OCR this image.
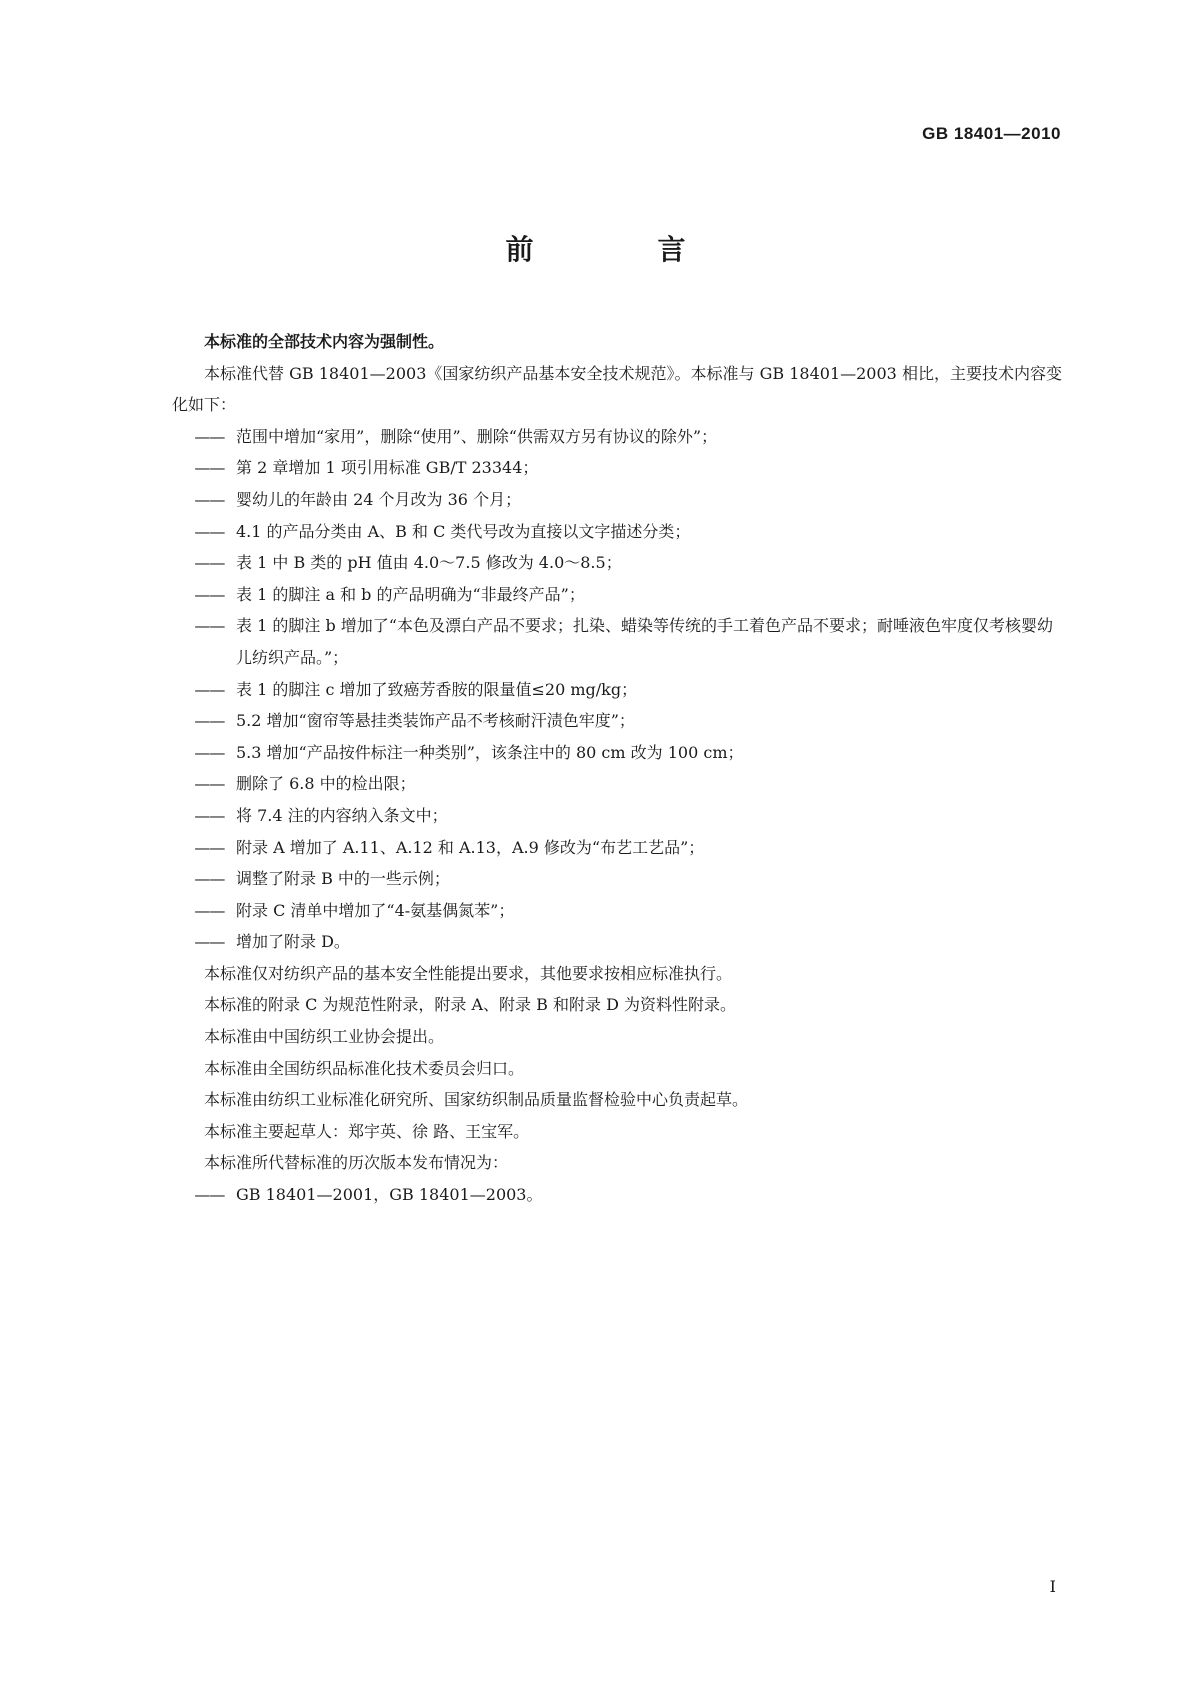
GB 18401—2010
前　言

本标准的全部技术内容为强制性。

本标准代替 GB 18401—2003《国家纺织产品基本安全技术规范》。本标准与 GB 18401—2003 相比，主要技术内容变化如下：

—— 范围中增加“家用”，删除“使用”、删除“供需双方另有协议的除外”；

—— 第 2 章增加 1 项引用标准 GB/T 23344；

—— 婴幼儿的年龄由 24 个月改为 36 个月；

—— 4.1 的产品分类由 A、B 和 C 类代号改为直接以文字描述分类；

—— 表 1 中 B 类的 pH 值由 4.0～7.5 修改为 4.0～8.5；

—— 表 1 的脚注 a 和 b 的产品明确为“非最终产品”；

—— 表 1 的脚注 b 增加了“本色及漂白产品不要求；扎染、蜡染等传统的手工着色产品不要求；耐唾液色牢度仅考核婴幼儿纺织产品。”；

—— 表 1 的脚注 c 增加了致癌芳香胺的限量值≤20 mg/kg；

—— 5.2 增加“窗帘等悬挂类装饰产品不考核耐汗渍色牢度”；

—— 5.3 增加“产品按件标注一种类别”，该条注中的 80 cm 改为 100 cm；

—— 删除了 6.8 中的检出限；

—— 将 7.4 注的内容纳入条文中；

—— 附录 A 增加了 A.11、A.12 和 A.13，A.9 修改为“布艺工艺品”；

—— 调整了附录 B 中的一些示例；

—— 附录 C 清单中增加了“4-氨基偶氮苯”；

—— 增加了附录 D。

本标准仅对纺织产品的基本安全性能提出要求，其他要求按相应标准执行。

本标准的附录 C 为规范性附录，附录 A、附录 B 和附录 D 为资料性附录。

本标准由中国纺织工业协会提出。

本标准由全国纺织品标准化技术委员会归口。

本标准由纺织工业标准化研究所、国家纺织制品质量监督检验中心负责起草。

本标准主要起草人：郑宇英、徐 路、王宝军。

本标准所代替标准的历次版本发布情况为：

—— GB 18401—2001，GB 18401—2003。

I
